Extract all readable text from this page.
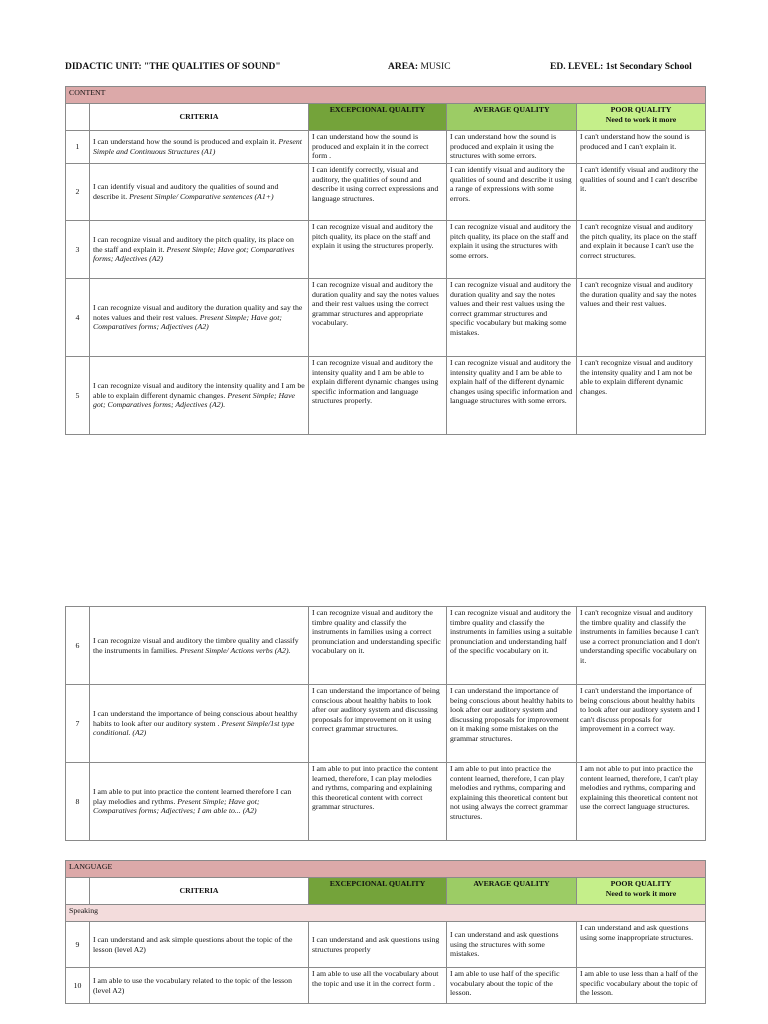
DIDACTIC UNIT: "THE QUALITIES OF SOUND"	AREA: MUSIC	ED. LEVEL: 1st Secondary School
CONTENT				
	CRITERIA	EXCEPCIONAL QUALITY	AVERAGE QUALITY	POOR QUALITY
Need to work it more

1	I can understand how the sound is produced and explain it. Present Simple and Continuous Structures (A1)	I can understand how the sound is produced and explain it in the correct form .	I can understand how the sound is produced and explain it using the structures with some errors.	I can't understand how the sound is produced and I can't explain it.
2	I can identify visual and auditory the qualities of sound and describe it. Present Simple/ Comparative sentences (A1+)	I can identify correctly, visual and auditory, the qualities of sound and describe it using correct expressions and language structures.	I can identify visual and auditory the qualities of sound and describe it using a range of expressions with some errors.	I can't identify visual and auditory the qualities of sound and I can't describe it.
3	I can recognize visual and auditory the pitch quality, its place on the staff and explain it. Present Simple; Have got; Comparatives forms; Adjectives (A2)	I can recognize visual and auditory the pitch quality, its place on the staff and explain it using the structures properly.	I can recognize visual and auditory the pitch quality, its place on the staff and explain it using the structures with some errors.	I can't recognize visual and auditory the pitch quality, its place on the staff and explain it because I can't use the correct structures.
4	I can recognize visual and auditory the duration quality and say the notes values and their rest values. Present Simple; Have got; Comparatives forms; Adjectives (A2)	I can recognize visual and auditory the duration quality and say the notes values and their rest values using the correct grammar structures and appropriate vocabulary.	I can recognize visual and auditory the duration quality and say the notes values and their rest values using the correct grammar structures and specific vocabulary but making some mistakes.	I can't recognize visual and auditory the duration quality and say the notes values and their rest values.
5	I can recognize visual and auditory the intensity quality and I am be able to explain different dynamic changes. Present Simple; Have got; Comparatives forms; Adjectives (A2).	I can recognize visual and auditory the intensity quality and I am be able to explain different dynamic changes using specific information and language structures properly.	I can recognize visual and auditory the intensity quality and I am be able to explain half of the different dynamic changes using specific information and language structures with some errors.	I can't recognize visual and auditory the intensity quality and I am not be able to explain different dynamic changes.
6	I can recognize visual and auditory the timbre quality and classify the instruments in families. Present Simple/ Actions verbs (A2).	I can recognize visual and auditory the timbre quality and classify the instruments in families using a correct pronunciation and understanding specific vocabulary on it.	I can recognize visual and auditory the timbre quality and classify the instruments in families using a suitable pronunciation and understanding half of the specific vocabulary on it.	I can't recognize visual and auditory the timbre quality and classify the instruments in families because I can't use a correct pronunciation and I don't understanding specific vocabulary on it.
7	I can understand the importance of being conscious about healthy habits to look after our auditory system . Present Simple/1st type conditional. (A2)	I can understand the importance of being conscious about healthy habits to look after our auditory system and discussing proposals for improvement on it using correct grammar structures.	I can understand the importance of being conscious about healthy habits to look after our auditory system and discussing proposals for improvement on it making some mistakes on the grammar structures.	I can't understand the importance of being conscious about healthy habits to look after our auditory system and I can't discuss proposals for improvement in a correct way.
8	I am able to put into practice the content learned therefore I can play melodies and rythms. Present Simple; Have got; Comparatives forms; Adjectives; I am able to... (A2)	I am able to put into practice the content learned, therefore, I can play melodies and rythms, comparing and explaining this theoretical content with correct grammar structures.	I am able to put into practice the content learned, therefore, I can play melodies and rythms, comparing and explaining this theoretical content but not using always the correct grammar structures.	I am not able to put into practice the content learned, therefore, I can't play melodies and rythms, comparing and explaining this theoretical content not use the correct language structures.
LANGUAGE				
	CRITERIA	EXCEPCIONAL QUALITY	AVERAGE QUALITY	POOR QUALITY
Need to work it more

Speaking				
9	I can understand and ask simple questions about the topic of the lesson (level A2)	I can understand and ask questions using structures properly	I can understand and ask questions using the structures with some mistakes.	I can understand and ask questions using some inappropriate structures.
10	I am able to use the vocabulary related to the topic of the lesson (level A2)	I am able to use all the vocabulary about the topic and use it in the correct form .	I am able to use half of the specific vocabulary about the topic of the lesson.	I am able to use less than a half of the specific vocabulary about the topic of the lesson.
